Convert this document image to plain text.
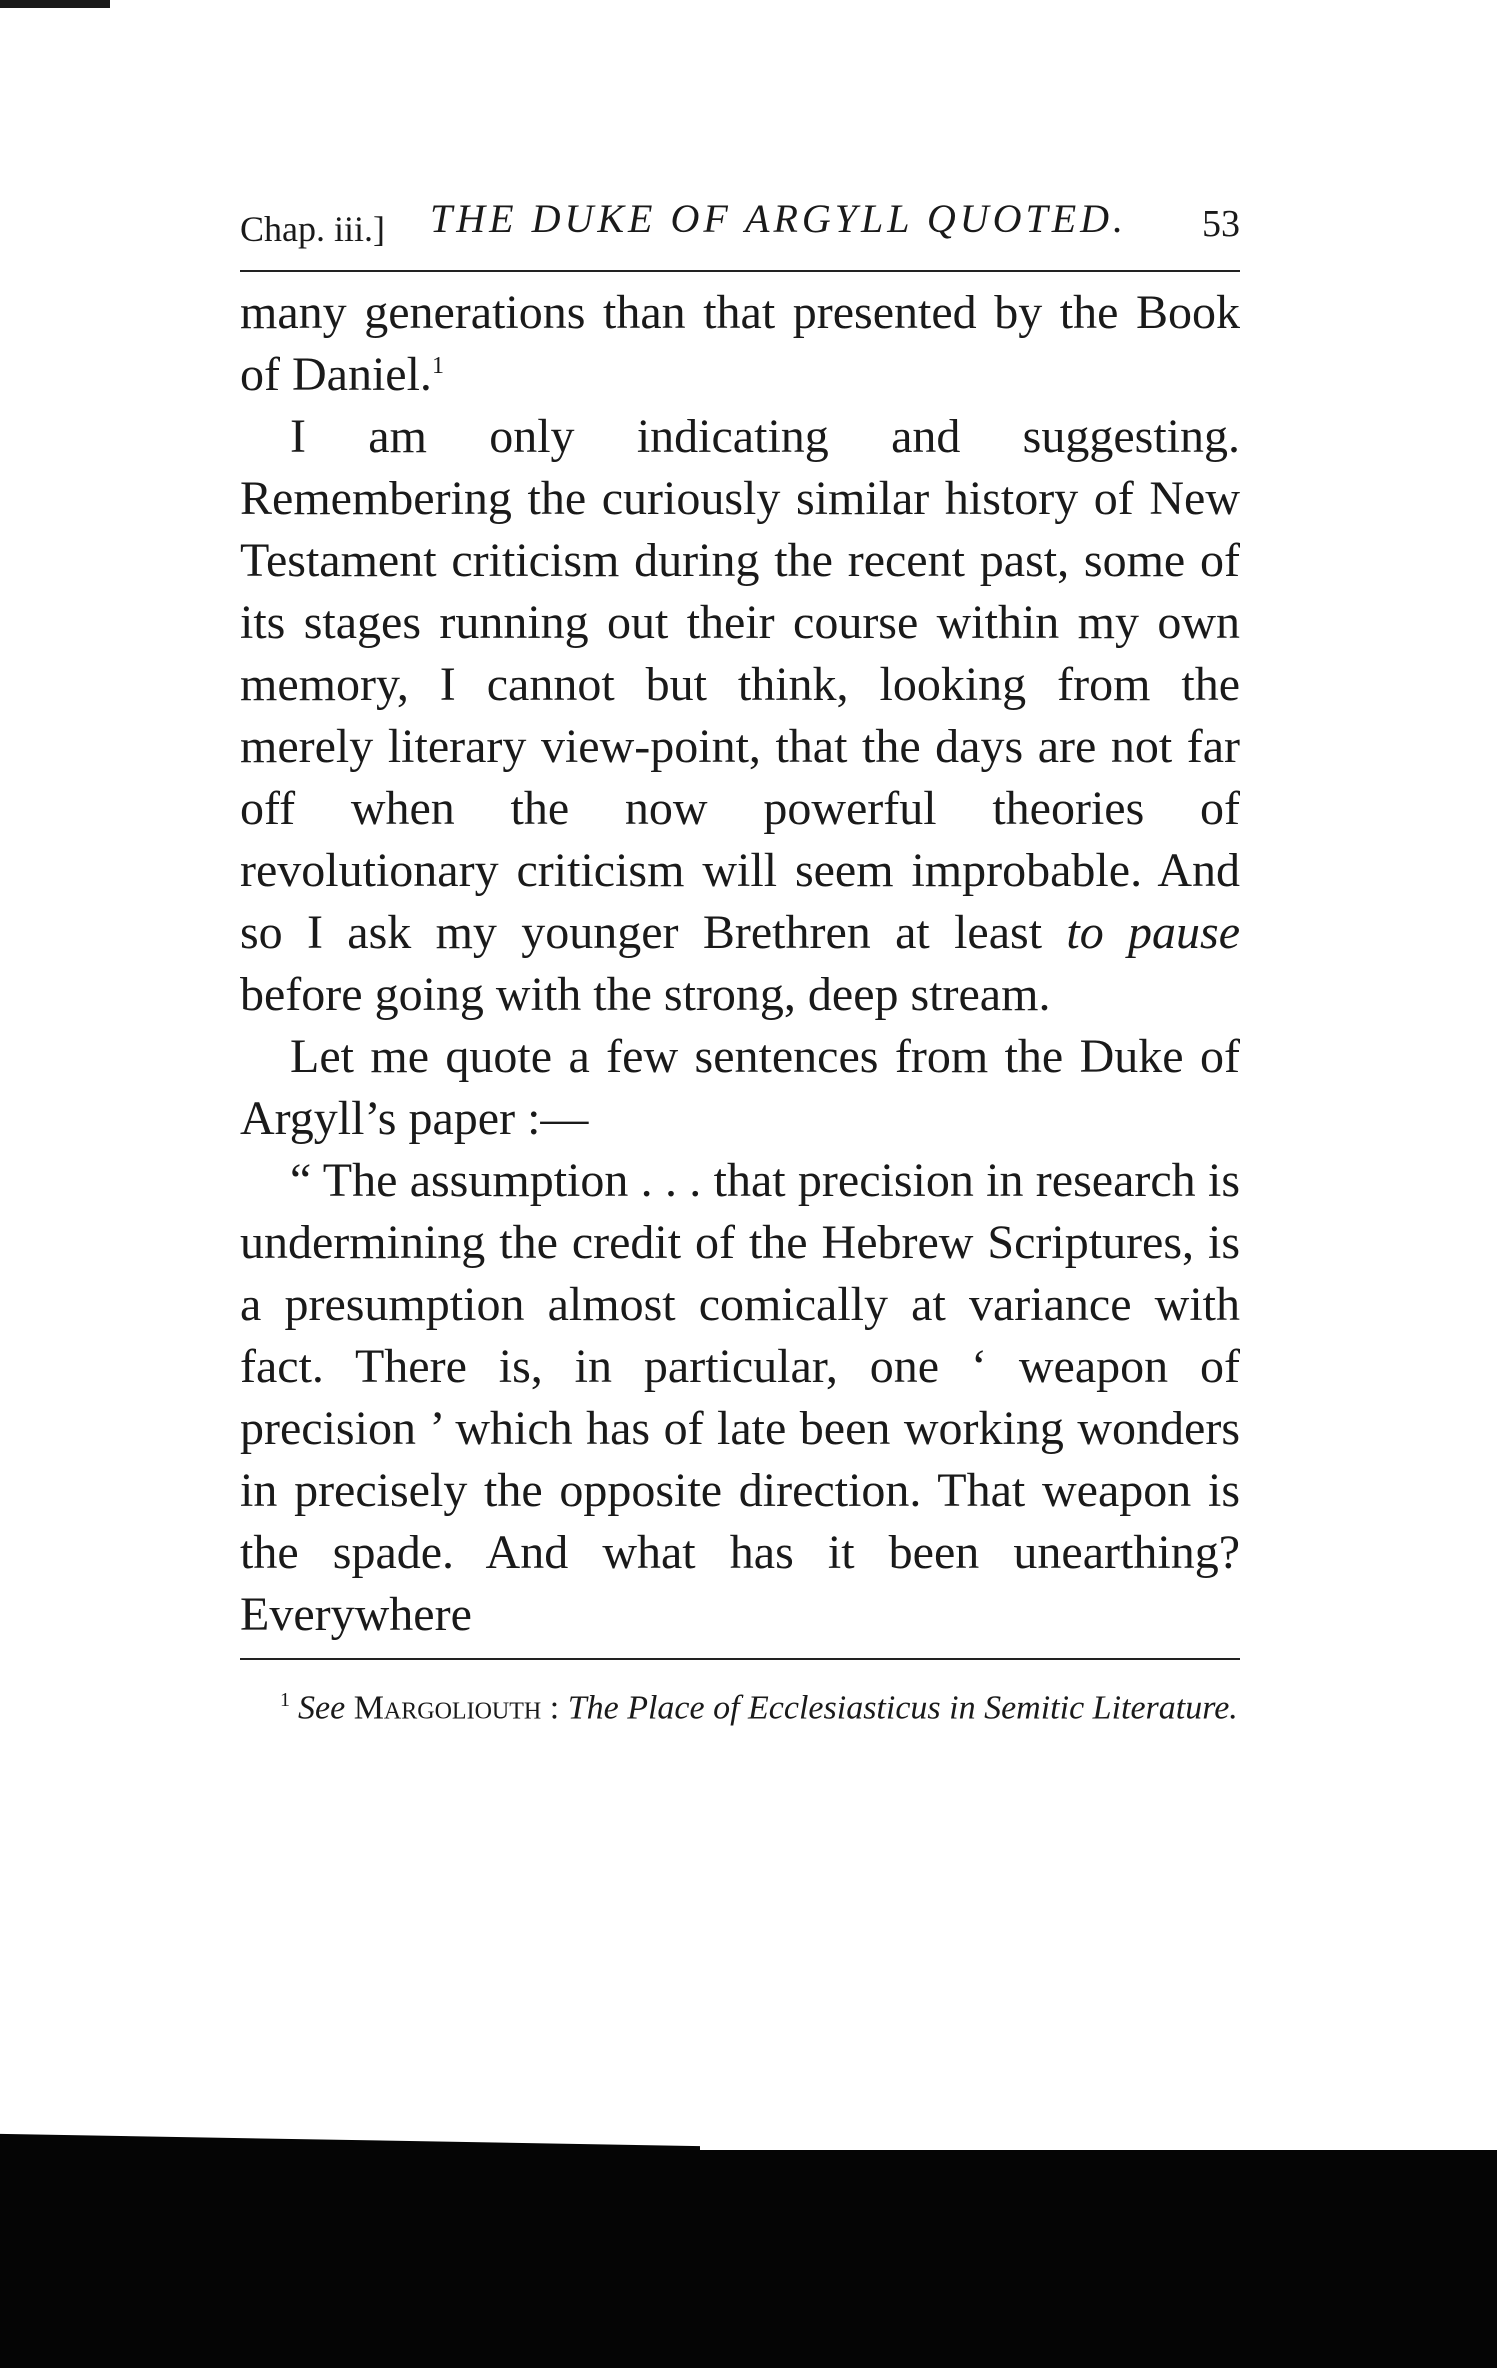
Chap. iii.] THE DUKE OF ARGYLL QUOTED. 53

many generations than that presented by the Book of Daniel.$^1$

I am only indicating and suggesting. Remembering the curiously similar history of New Testament criticism during the recent past, some of its stages running out their course within my own memory, I cannot but think, looking from the merely literary view-point, that the days are not far off when the now powerful theories of revolutionary criticism will seem improbable. And so I ask my younger Brethren at least to pause before going with the strong, deep stream.

Let me quote a few sentences from the Duke of Argyll’s paper :—

“ The assumption . . . that precision in research is undermining the credit of the Hebrew Scriptures, is a presumption almost comically at variance with fact. There is, in particular, one ‘ weapon of precision ’ which has of late been working wonders in precisely the opposite direction. That weapon is the spade. And what has it been unearthing? Everywhere

$^1$ See Margoliouth : The Place of Ecclesiasticus in Semitic Literature.
